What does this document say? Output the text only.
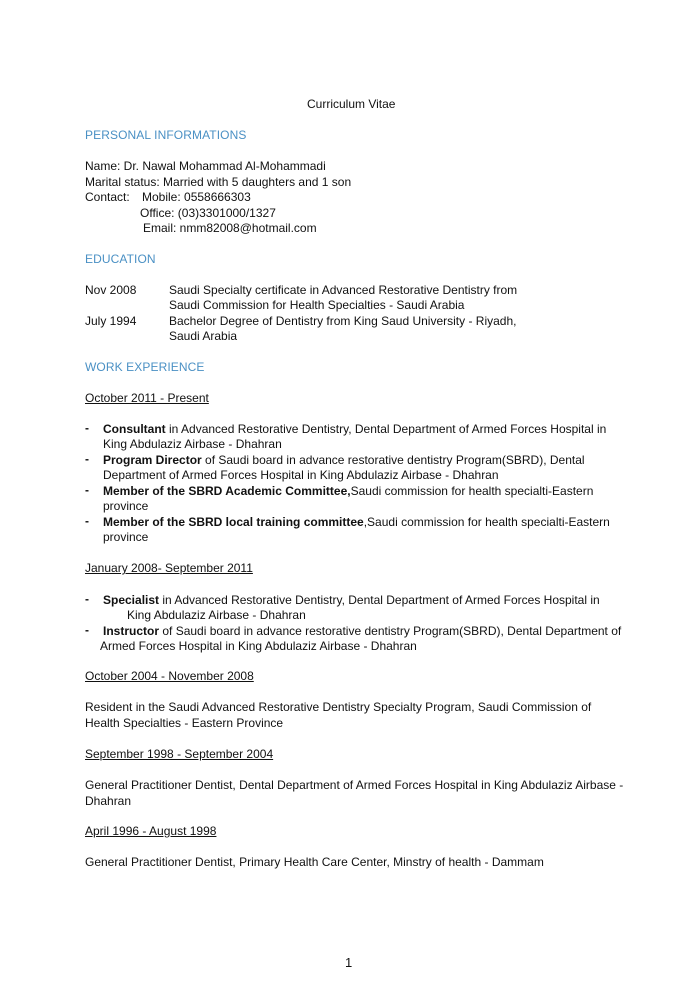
Curriculum Vitae
PERSONAL INFORMATIONS
Name: Dr. Nawal Mohammad Al-Mohammadi
Marital status: Married with 5 daughters and 1 son
Contact: Mobile: 0558666303
Office: (03)3301000/1327
Email: nmm82008@hotmail.com
EDUCATION
Nov 2008	Saudi Specialty certificate in Advanced Restorative Dentistry from
Saudi Commission for Health Specialties - Saudi Arabia
July 1994	Bachelor Degree of Dentistry from King Saud University - Riyadh,
Saudi Arabia
WORK EXPERIENCE
October 2011 - Present
- Consultant in Advanced Restorative Dentistry, Dental Department of Armed Forces Hospital in
King Abdulaziz Airbase - Dhahran
- Program Director of Saudi board in advance restorative dentistry Program(SBRD), Dental
Department of Armed Forces Hospital in King Abdulaziz Airbase - Dhahran
- Member of the SBRD Academic Committee,Saudi commission for health specialti-Eastern
province
- Member of the SBRD local training committee,Saudi commission for health specialti-Eastern
province
January 2008- September 2011
- Specialist in Advanced Restorative Dentistry, Dental Department of Armed Forces Hospital in
King Abdulaziz Airbase - Dhahran
- Instructor of Saudi board in advance restorative dentistry Program(SBRD), Dental Department of
Armed Forces Hospital in King Abdulaziz Airbase - Dhahran
October 2004 - November 2008
Resident in the Saudi Advanced Restorative Dentistry Specialty Program, Saudi Commission of
Health Specialties - Eastern Province
September 1998 - September 2004
General Practitioner Dentist, Dental Department of Armed Forces Hospital in King Abdulaziz Airbase -
Dhahran
April 1996 - August 1998
General Practitioner Dentist, Primary Health Care Center, Minstry of health - Dammam
1
